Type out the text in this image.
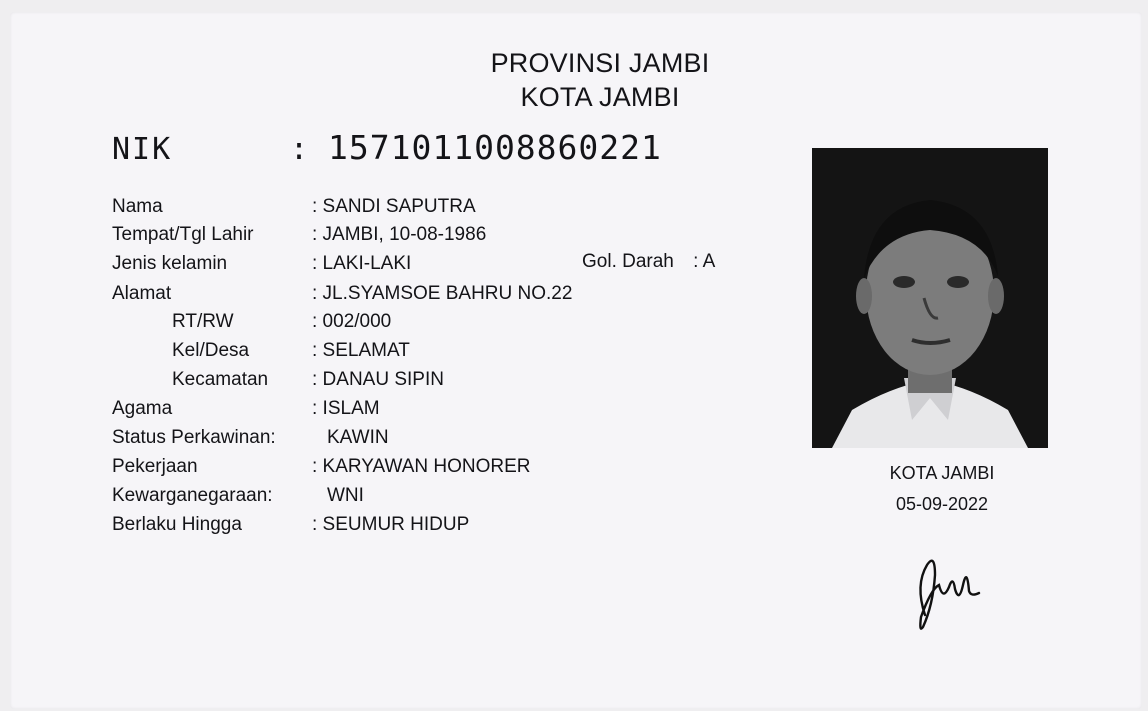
PROVINSI JAMBI
KOTA JAMBI
NIK	: 1571011008860221
Nama	: SANDI SAPUTRA
Tempat/Tgl Lahir	: JAMBI, 10-08-1986
Jenis kelamin	: LAKI-LAKI	Gol. Darah : A
Alamat	: JL.SYAMSOE BAHRU NO.22
RT/RW	: 002/000
Kel/Desa	: SELAMAT
Kecamatan : DANAU SIPIN
Agama	: ISLAM
Status Perkawinan:	KAWIN
Pekerjaan	: KARYAWAN HONORER
Kewarganegaraan:	WNI
Berlaku Hingga	: SEUMUR HIDUP
KOTA JAMBI
05-09-2022
